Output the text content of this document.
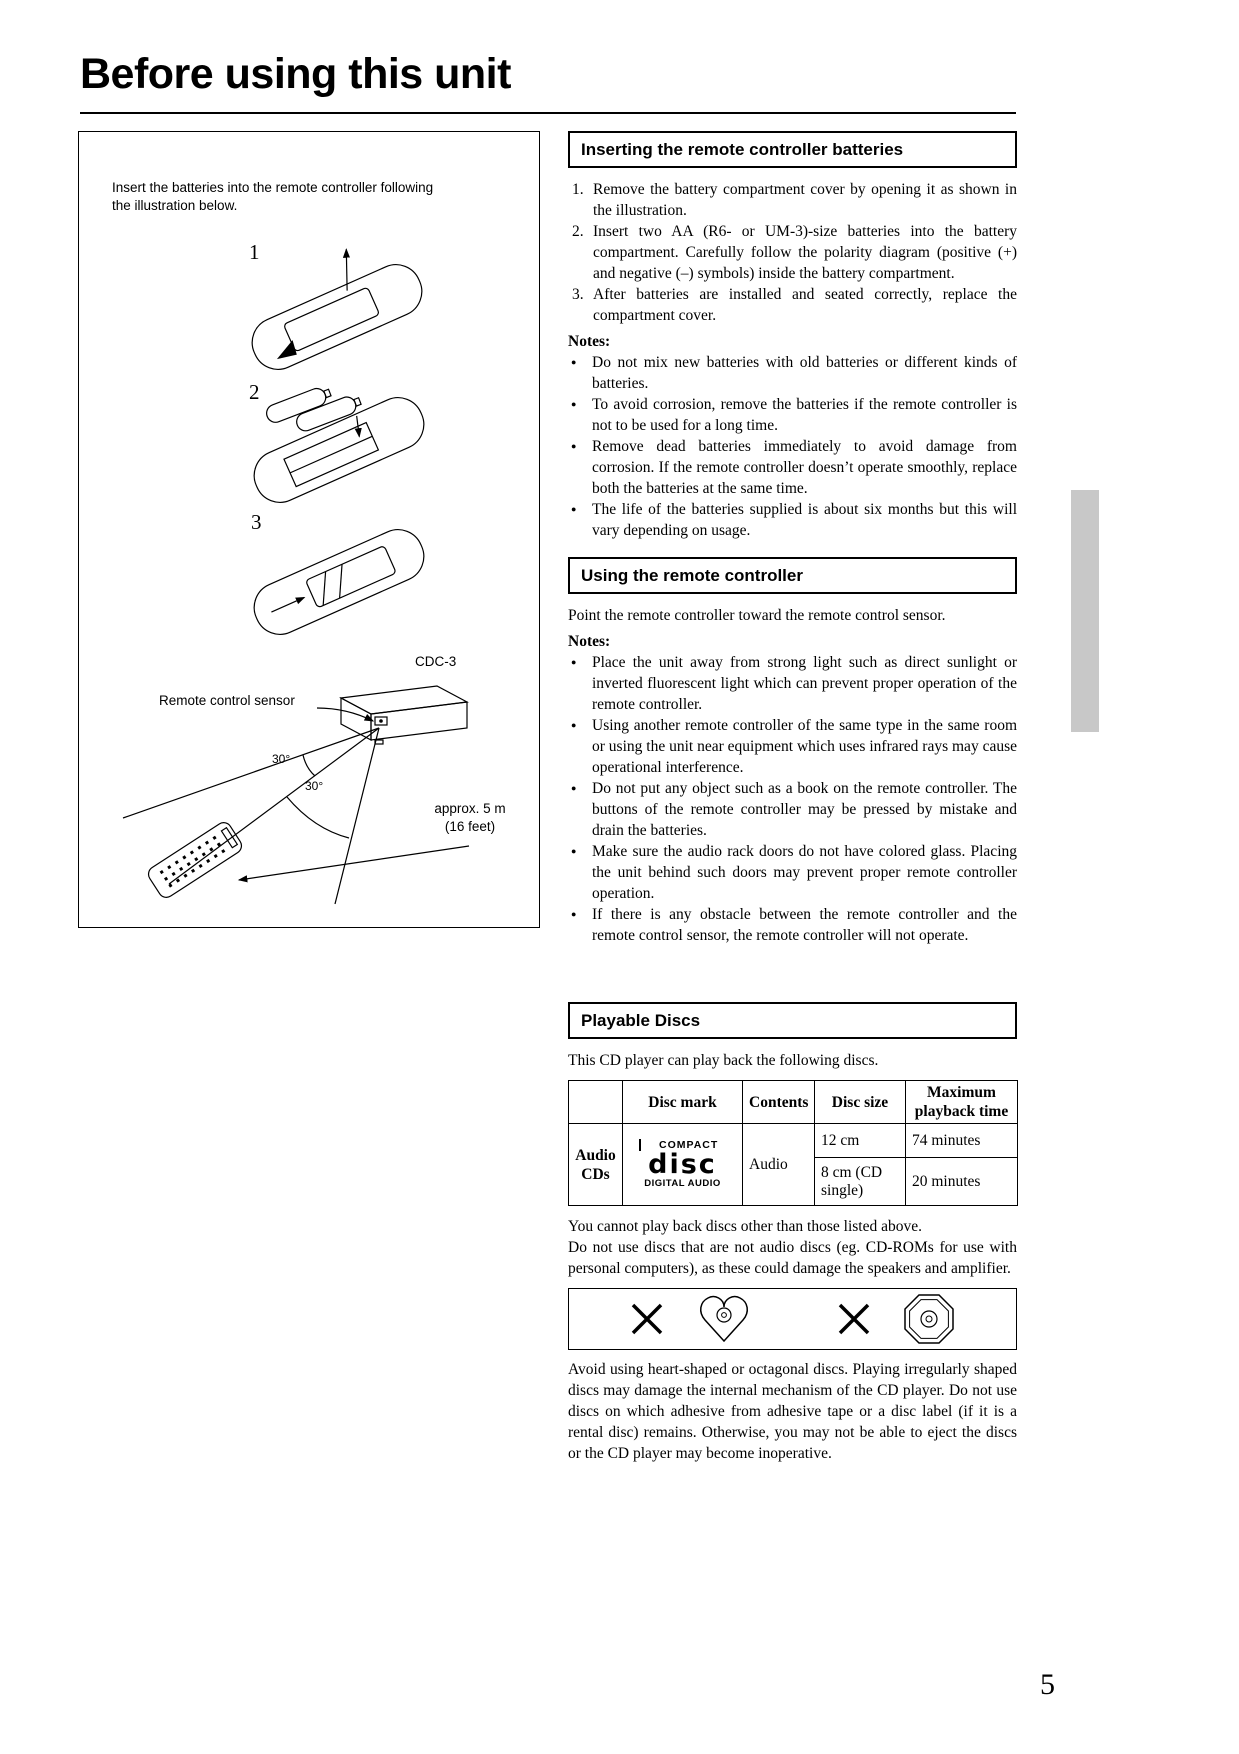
Before using this unit
Insert the batteries into the remote controller following the illustration below.
1
2
3
CDC-3
Remote control sensor
30°
30°
approx. 5 m
(16 feet)
Inserting the remote controller batteries
1. Remove the battery compartment cover by opening it as shown in the illustration.
2. Insert two AA (R6- or UM-3)-size batteries into the battery compartment. Carefully follow the polarity diagram (positive (+) and negative (–) symbols) inside the battery compartment.
3. After batteries are installed and seated correctly, replace the compartment cover.

Notes:

● Do not mix new batteries with old batteries or different kinds of batteries.
● To avoid corrosion, remove the batteries if the remote controller is not to be used for a long time.
● Remove dead batteries immediately to avoid damage from corrosion. If the remote controller doesn’t operate smoothly, replace both the batteries at the same time.
● The life of the batteries supplied is about six months but this will vary depending on usage.
Using the remote controller

Point the remote controller toward the remote control sensor.

Notes:

● Place the unit away from strong light such as direct sunlight or inverted fluorescent light which can prevent proper operation of the remote controller.
● Using another remote controller of the same type in the same room or using the unit near equipment which uses infrared rays may cause operational interference.
● Do not put any object such as a book on the remote controller. The buttons of the remote controller may be pressed by mistake and drain the batteries.
● Make sure the audio rack doors do not have colored glass. Placing the unit behind such doors may prevent proper remote controller operation.
● If there is any obstacle between the remote controller and the remote control sensor, the remote controller will not operate.
Playable Discs

This CD player can play back the following discs.

	Disc mark	Contents	Disc size	Maximum playback time
Audio CDs	COMPACT
disc
DIGITAL AUDIO	Audio	12 cm	74 minutes
			8 cm (CD single)	20 minutes

You cannot play back discs other than those listed above.

Do not use discs that are not audio discs (eg. CD-ROMs for use with personal computers), as these could damage the speakers and amplifier.

Avoid using heart-shaped or octagonal discs. Playing irregularly shaped discs may damage the internal mechanism of the CD player. Do not use discs on which adhesive from adhesive tape or a disc label (if it is a rental disc) remains. Otherwise, you may not be able to eject the discs or the CD player may become inoperative.

5
